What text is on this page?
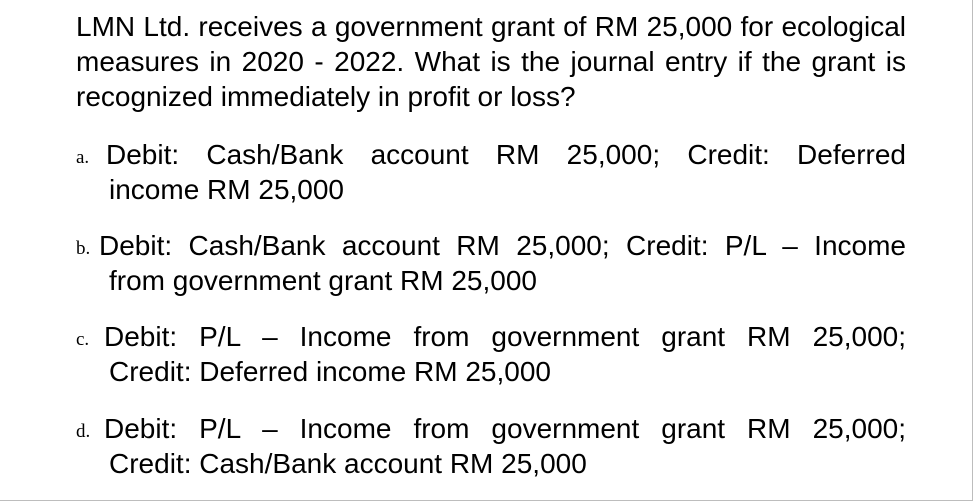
LMN Ltd. receives a government grant of RM 25,000 for ecological measures in 2020 - 2022. What is the journal entry if the grant is recognized immediately in profit or loss?
a. Debit: Cash/Bank account RM 25,000; Credit: Deferred
income RM 25,000
b. Debit: Cash/Bank account RM 25,000; Credit: P/L – Income
from government grant RM 25,000
c. Debit: P/L – Income from government grant RM 25,000;
Credit: Deferred income RM 25,000
d. Debit: P/L – Income from government grant RM 25,000;
Credit: Cash/Bank account RM 25,000
